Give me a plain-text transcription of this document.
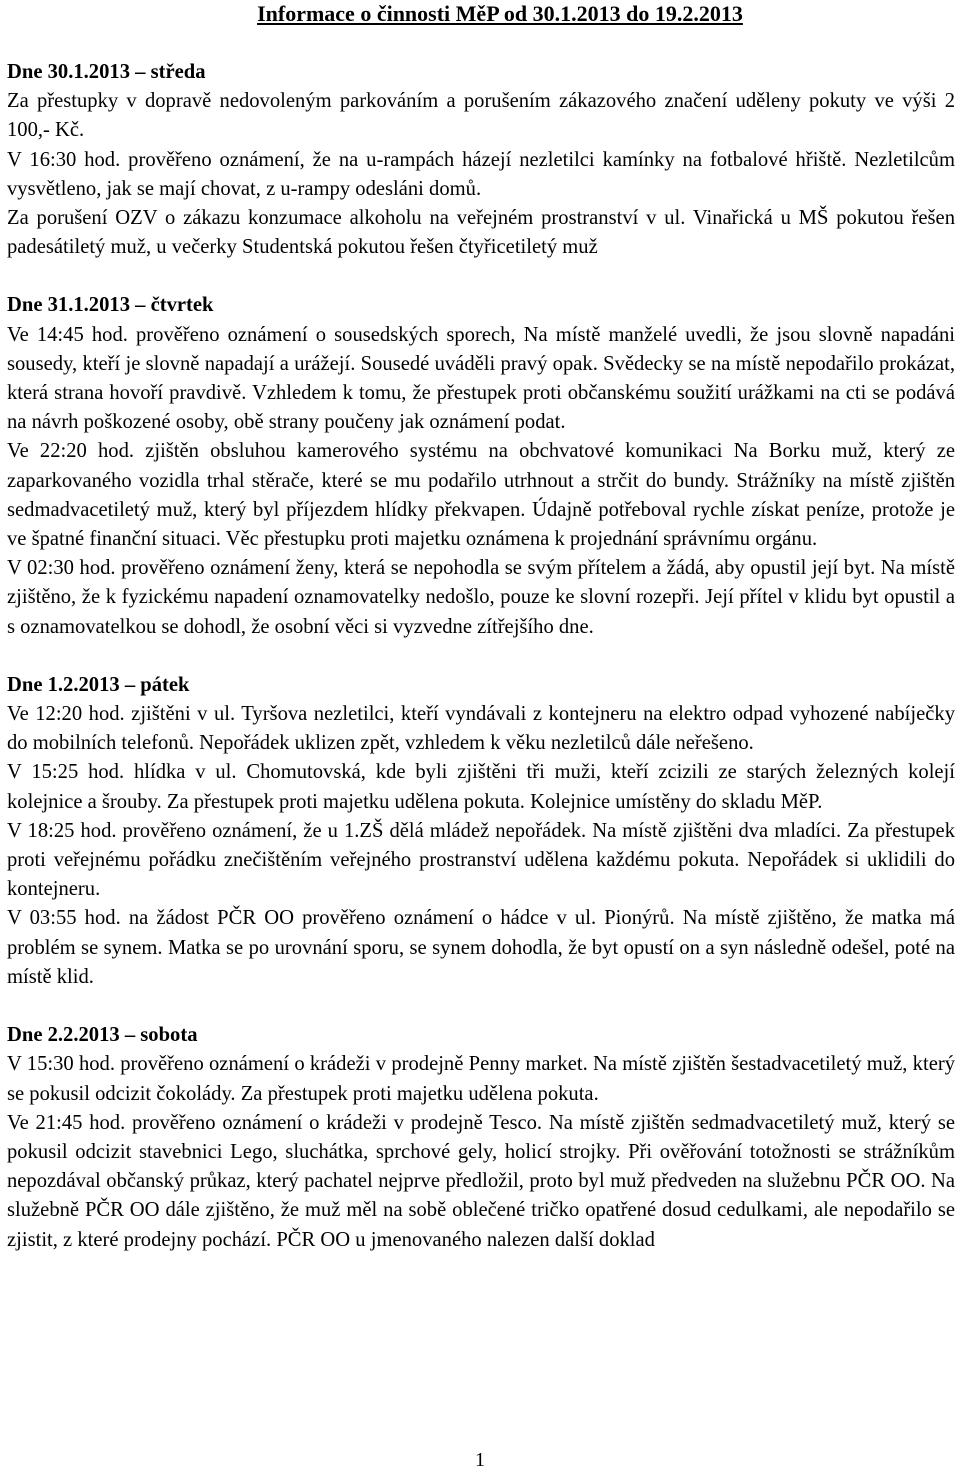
Informace o činnosti MěP od 30.1.2013 do 19.2.2013

Dne 30.1.2013 – středa

Za přestupky v dopravě nedovoleným parkováním a porušením zákazového značení uděleny pokuty ve výši 2 100,- Kč.

V 16:30 hod. prověřeno oznámení, že na u-rampách házejí nezletilci kamínky na fotbalové hřiště. Nezletilcům vysvětleno, jak se mají chovat, z u-rampy odesláni domů.

Za porušení OZV o zákazu konzumace alkoholu na veřejném prostranství v ul. Vinařická u MŠ pokutou řešen padesátiletý muž, u večerky Studentská pokutou řešen čtyřicetiletý muž

Dne 31.1.2013 – čtvrtek

Ve 14:45 hod. prověřeno oznámení o sousedských sporech, Na místě manželé uvedli, že jsou slovně napadáni sousedy, kteří je slovně napadají a urážejí. Sousedé uváděli pravý opak. Svědecky se na místě nepodařilo prokázat, která strana hovoří pravdivě. Vzhledem k tomu, že přestupek proti občanskému soužití urážkami na cti se podává na návrh poškozené osoby, obě strany poučeny jak oznámení podat.

Ve 22:20 hod. zjištěn obsluhou kamerového systému na obchvatové komunikaci Na Borku muž, který ze zaparkovaného vozidla trhal stěrače, které se mu podařilo utrhnout a strčit do bundy. Strážníky na místě zjištěn sedmadvacetiletý muž, který byl příjezdem hlídky překvapen. Údajně potřeboval rychle získat peníze, protože je ve špatné finanční situaci. Věc přestupku proti majetku oznámena k projednání správnímu orgánu.

V 02:30 hod. prověřeno oznámení ženy, která se nepohodla se svým přítelem a žádá, aby opustil její byt. Na místě zjištěno, že k fyzickému napadení oznamovatelky nedošlo, pouze ke slovní rozepři. Její přítel v klidu byt opustil a s oznamovatelkou se dohodl, že osobní věci si vyzvedne zítřejšího dne.

Dne 1.2.2013 – pátek

Ve 12:20 hod. zjištěni v ul. Tyršova nezletilci, kteří vyndávali z kontejneru na elektro odpad vyhozené nabíječky do mobilních telefonů. Nepořádek uklizen zpět, vzhledem k věku nezletilců dále neřešeno.

V 15:25 hod. hlídka v ul. Chomutovská, kde byli zjištěni tři muži, kteří zcizili ze starých železných kolejí kolejnice a šrouby. Za přestupek proti majetku udělena pokuta. Kolejnice umístěny do skladu MěP.

V 18:25 hod. prověřeno oznámení, že u 1.ZŠ dělá mládež nepořádek. Na místě zjištěni dva mladíci. Za přestupek proti veřejnému pořádku znečištěním veřejného prostranství udělena každému pokuta. Nepořádek si uklidili do kontejneru.

V 03:55 hod. na žádost PČR OO prověřeno oznámení o hádce v ul. Pionýrů. Na místě zjištěno, že matka má problém se synem. Matka se po urovnání sporu, se synem dohodla, že byt opustí on a syn následně odešel, poté na místě klid.

Dne 2.2.2013 – sobota

V 15:30 hod. prověřeno oznámení o krádeži v prodejně Penny market. Na místě zjištěn šestadvacetiletý muž, který se pokusil odcizit čokolády. Za přestupek proti majetku udělena pokuta.

Ve 21:45 hod. prověřeno oznámení o krádeži v prodejně Tesco. Na místě zjištěn sedmadvacetiletý muž, který se pokusil odcizit stavebnici Lego, sluchátka, sprchové gely, holicí strojky. Při ověřování totožnosti se strážníkům nepozdával občanský průkaz, který pachatel nejprve předložil, proto byl muž předveden na služebnu PČR OO. Na služebně PČR OO dále zjištěno, že muž měl na sobě oblečené tričko opatřené dosud cedulkami, ale nepodařilo se zjistit, z které prodejny pochází. PČR OO u jmenovaného nalezen další doklad

1
